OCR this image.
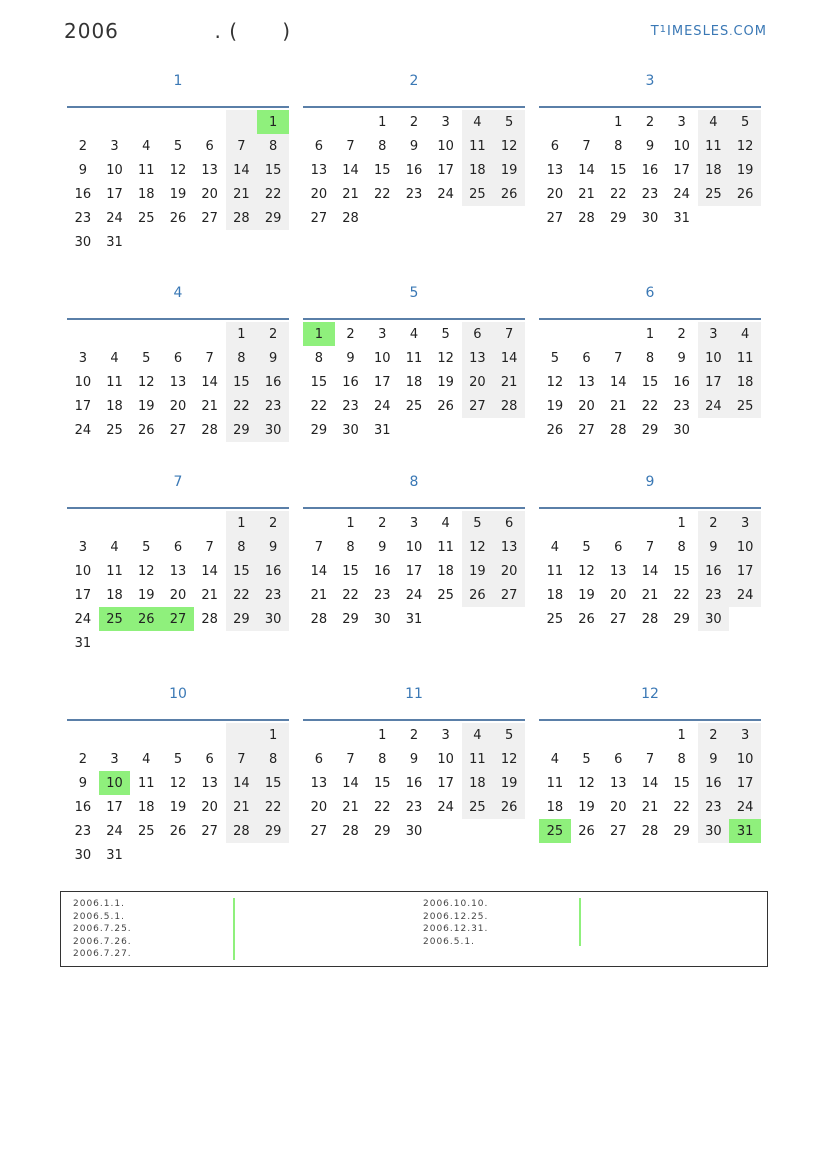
2006             . (      )	$T^1IMESLES.COM$
1
						1
2	3	4	5	6	7	8
9	10	11	12	13	14	15
16	17	18	19	20	21	22
23	24	25	26	27	28	29
30	31					
2
		1	2	3	4	5
6	7	8	9	10	11	12
13	14	15	16	17	18	19
20	21	22	23	24	25	26
27	28					
3
		1	2	3	4	5
6	7	8	9	10	11	12
13	14	15	16	17	18	19
20	21	22	23	24	25	26
27	28	29	30	31		
4
					1	2
3	4	5	6	7	8	9
10	11	12	13	14	15	16
17	18	19	20	21	22	23
24	25	26	27	28	29	30
5
1	2	3	4	5	6	7
8	9	10	11	12	13	14
15	16	17	18	19	20	21
22	23	24	25	26	27	28
29	30	31				
6
			1	2	3	4
5	6	7	8	9	10	11
12	13	14	15	16	17	18
19	20	21	22	23	24	25
26	27	28	29	30		
7
					1	2
3	4	5	6	7	8	9
10	11	12	13	14	15	16
17	18	19	20	21	22	23
24	25	26	27	28	29	30
31						
8
	1	2	3	4	5	6
7	8	9	10	11	12	13
14	15	16	17	18	19	20
21	22	23	24	25	26	27
28	29	30	31			
9
				1	2	3
4	5	6	7	8	9	10
11	12	13	14	15	16	17
18	19	20	21	22	23	24
25	26	27	28	29	30	
10
						1
2	3	4	5	6	7	8
9	10	11	12	13	14	15
16	17	18	19	20	21	22
23	24	25	26	27	28	29
30	31					
11
		1	2	3	4	5
6	7	8	9	10	11	12
13	14	15	16	17	18	19
20	21	22	23	24	25	26
27	28	29	30			
12
				1	2	3
4	5	6	7	8	9	10
11	12	13	14	15	16	17
18	19	20	21	22	23	24
25	26	27	28	29	30	31
2006.1.1.
2006.5.1.
2006.7.25.
2006.7.26.
2006.7.27.
2006.10.10.
2006.12.25.
2006.12.31.
2006.5.1.
